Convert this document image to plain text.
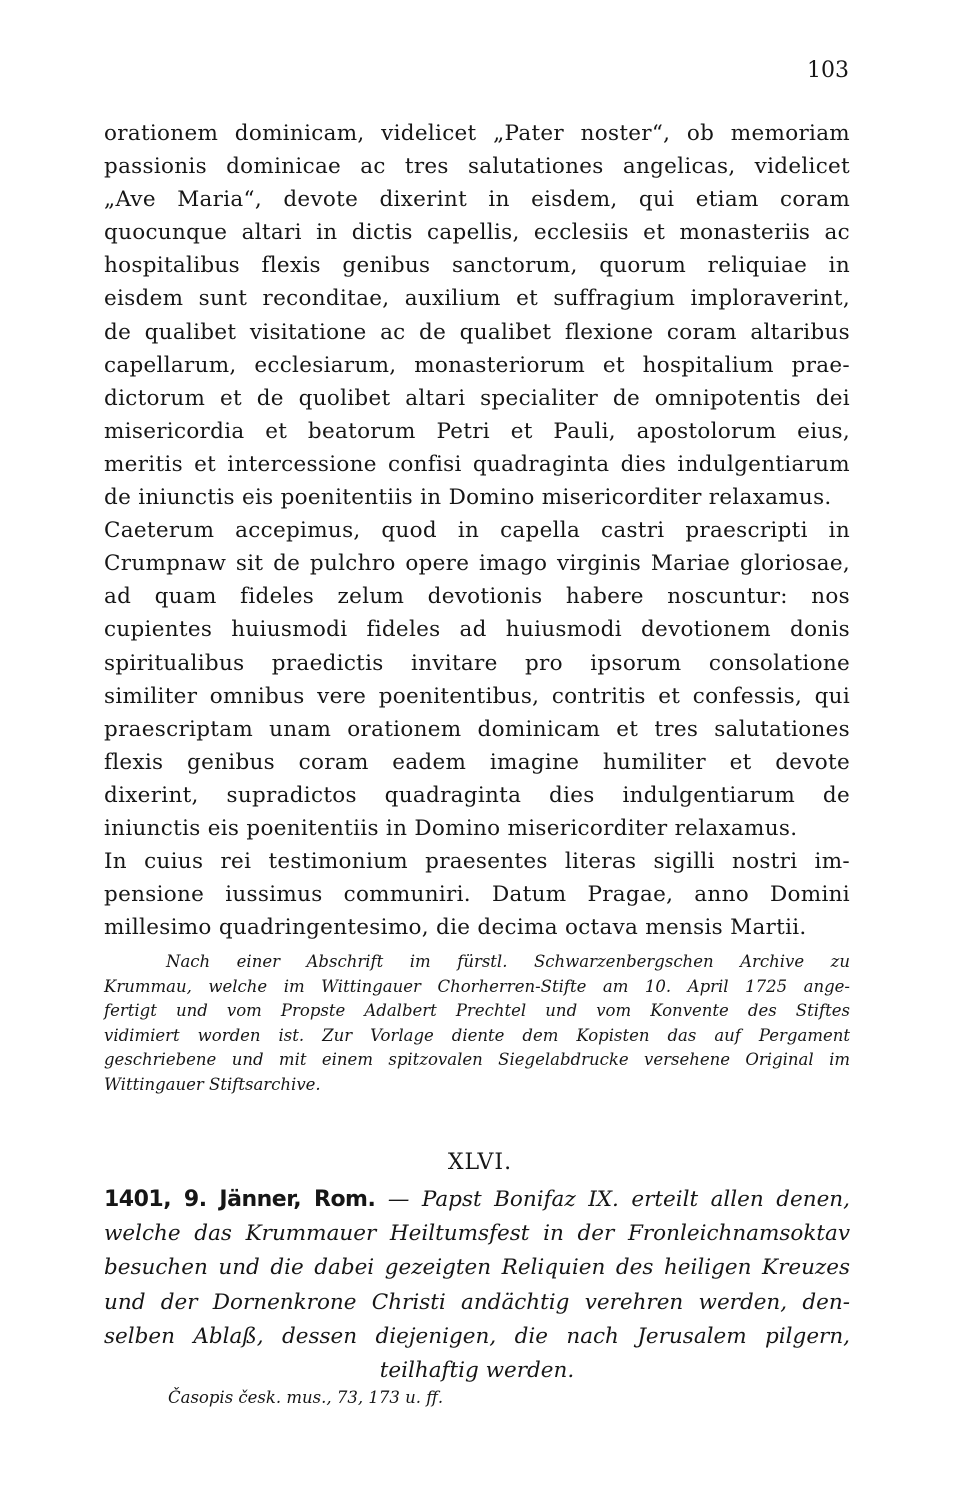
103
orationem dominicam, videlicet „Pater noster“, ob memoriam
passionis dominicae ac tres salutationes angelicas, videlicet
„Ave Maria“, devote dixerint in eisdem, qui etiam coram
quocunque altari in dictis capellis, ecclesiis et monasteriis ac
hospitalibus flexis genibus sanctorum, quorum reliquiae in
eisdem sunt reconditae, auxilium et suffragium imploraverint,
de qualibet visitatione ac de qualibet flexione coram altaribus
capellarum, ecclesiarum, monasteriorum et hospitalium prae-
dictorum et de quolibet altari specialiter de omnipotentis dei
misericordia et beatorum Petri et Pauli, apostolorum eius,
meritis et intercessione confisi quadraginta dies indulgentiarum
de iniunctis eis poenitentiis in Domino misericorditer relaxamus.
Caeterum accepimus, quod in capella castri praescripti in
Crumpnaw sit de pulchro opere imago virginis Mariae gloriosae,
ad quam fideles zelum devotionis habere noscuntur: nos
cupientes huiusmodi fideles ad huiusmodi devotionem donis
spiritualibus praedictis invitare pro ipsorum consolatione
similiter omnibus vere poenitentibus, contritis et confessis, qui
praescriptam unam orationem dominicam et tres salutationes
flexis genibus coram eadem imagine humiliter et devote
dixerint, supradictos quadraginta dies indulgentiarum de
iniunctis eis poenitentiis in Domino misericorditer relaxamus.
In cuius rei testimonium praesentes literas sigilli nostri im-
pensione iussimus communiri. Datum Pragae, anno Domini
millesimo quadringentesimo, die decima octava mensis Martii.
Nach einer Abschrift im fürstl. Schwarzenbergschen Archive zu
Krummau, welche im Wittingauer Chorherren-Stifte am 10. April 1725 ange-
fertigt und vom Propste Adalbert Prechtel und vom Konvente des Stiftes
vidimiert worden ist. Zur Vorlage diente dem Kopisten das auf Pergament
geschriebene und mit einem spitzovalen Siegelabdrucke versehene Original im
Wittingauer Stiftsarchive.
XLVI.
1401, 9. Jänner, Rom. — Papst Bonifaz IX. erteilt allen denen,
welche das Krummauer Heiltumsfest in der Fronleichnamsoktav
besuchen und die dabei gezeigten Reliquien des heiligen Kreuzes
und der Dornenkrone Christi andächtig verehren werden, den-
selben Ablaß, dessen diejenigen, die nach Jerusalem pilgern,
teilhaftig werden.
Časopis česk. mus., 73, 173 u. ff.
